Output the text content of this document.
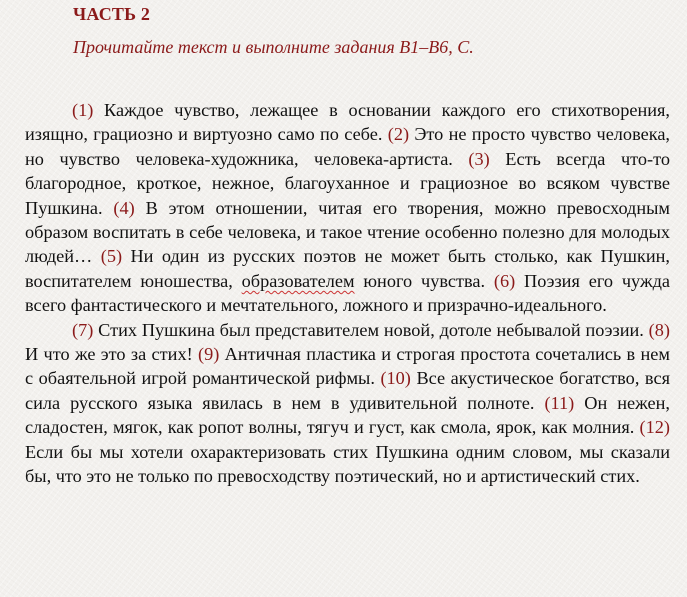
ЧАСТЬ 2
Прочитайте текст и выполните задания В1–В6, С.

(1) Каждое чувство, лежащее в основании каждого его стихотворения, изящно, грациозно и виртуозно само по себе. (2) Это не просто чувство человека, но чувство человека-художника, человека-артиста. (3) Есть всегда что-то благородное, кроткое, нежное, благоуханное и грациозное во всяком чувстве Пушкина. (4) В этом отношении, читая его творения, можно превосходным образом воспитать в себе человека, и такое чтение особенно полезно для молодых людей… (5) Ни один из русских поэтов не может быть столько, как Пушкин, воспитателем юношества, образователем юного чувства. (6) Поэзия его чужда всего фантастического и мечтательного, ложного и призрачно-идеального.

(7) Стих Пушкина был представителем новой, дотоле небывалой поэзии. (8) И что же это за стих! (9) Античная пластика и строгая простота сочетались в нем с обаятельной игрой романтической рифмы. (10) Все акустическое богатство, вся сила русского языка явилась в нем в удивительной полноте. (11) Он нежен, сладостен, мягок, как ропот волны, тягуч и густ, как смола, ярок, как молния. (12) Если бы мы хотели охарактеризовать стих Пушкина одним словом, мы сказали бы, что это не только по превосходству поэтический, но и артистический стих.
